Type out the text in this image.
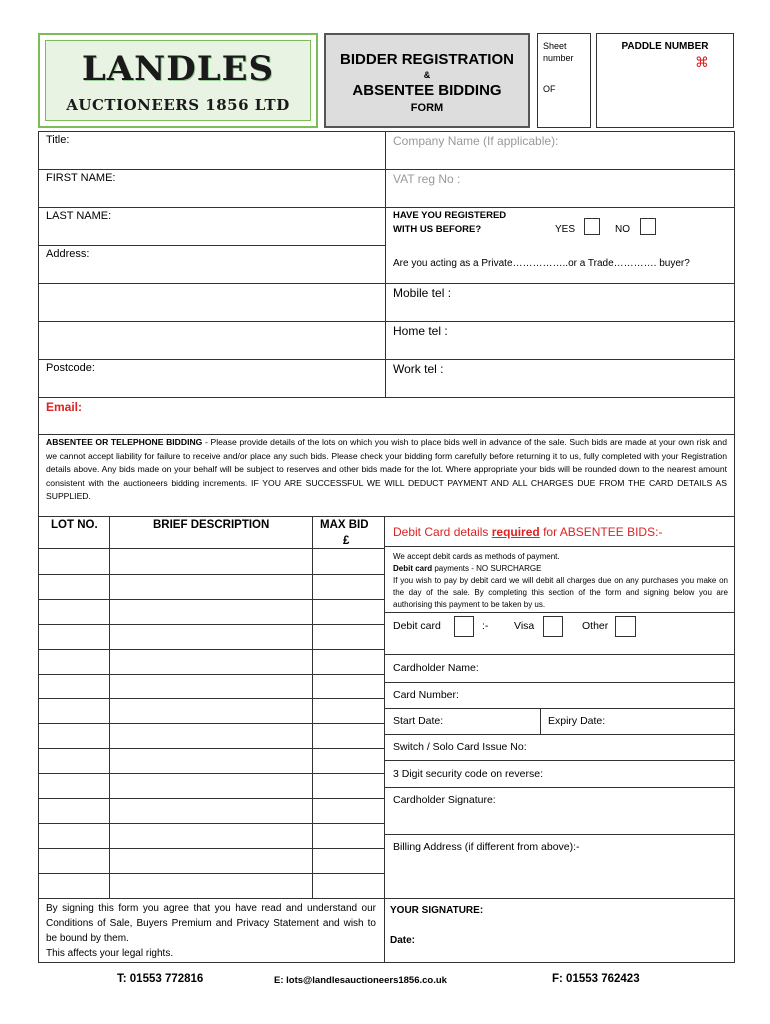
LANDLES
AUCTIONEERS 1856 LTD
BIDDER REGISTRATION
&
ABSENTEE BIDDING
FORM
Sheet
number
OF
PADDLE NUMBER
⌘
Title:	Company Name (If applicable):
FIRST NAME:	VAT reg No :
LAST NAME:	HAVE YOU REGISTERED
WITH US BEFORE?	YES	NO
Address:
Are you acting as a Private……………..or a Trade…………. buyer?
Mobile tel :
Home tel :
Postcode:	Work tel :
Email:
ABSENTEE OR TELEPHONE BIDDING - Please provide details of the lots on which you wish to place bids well in advance of the sale. Such bids are made at your own risk and we cannot accept liability for failure to receive and/or place any such bids. Please check your bidding form carefully before returning it to us, fully completed with your Registration details above. Any bids made on your behalf will be subject to reserves and other bids made for the lot. Where appropriate your bids will be rounded down to the nearest amount consistent with the auctioneers bidding increments. IF YOU ARE SUCCESSFUL WE WILL DEDUCT PAYMENT AND ALL CHARGES DUE FROM THE CARD DETAILS AS SUPPLIED.
LOT NO.	BRIEF DESCRIPTION	MAX BID
£
Debit Card details required for ABSENTEE BIDS:-
We accept debit cards as methods of payment.
Debit card payments - NO SURCHARGE
If you wish to pay by debit card we will debit all charges due on any purchases you make on the day of the sale. By completing this section of the form and signing below you are authorising this payment to be taken by us.
Debit card	:- Visa	Other
Cardholder Name:
Card Number:
Start Date:	Expiry Date:
Switch / Solo Card Issue No:
3 Digit security code on reverse:
Cardholder Signature:
Billing Address (if different from above):-
By signing this form you agree that you have read and understand our Conditions of Sale, Buyers Premium and Privacy Statement and wish to be bound by them.
This affects your legal rights.
YOUR SIGNATURE:
Date:
T: 01553 772816	E: lots@landlesauctioneers1856.co.uk	F: 01553 762423
